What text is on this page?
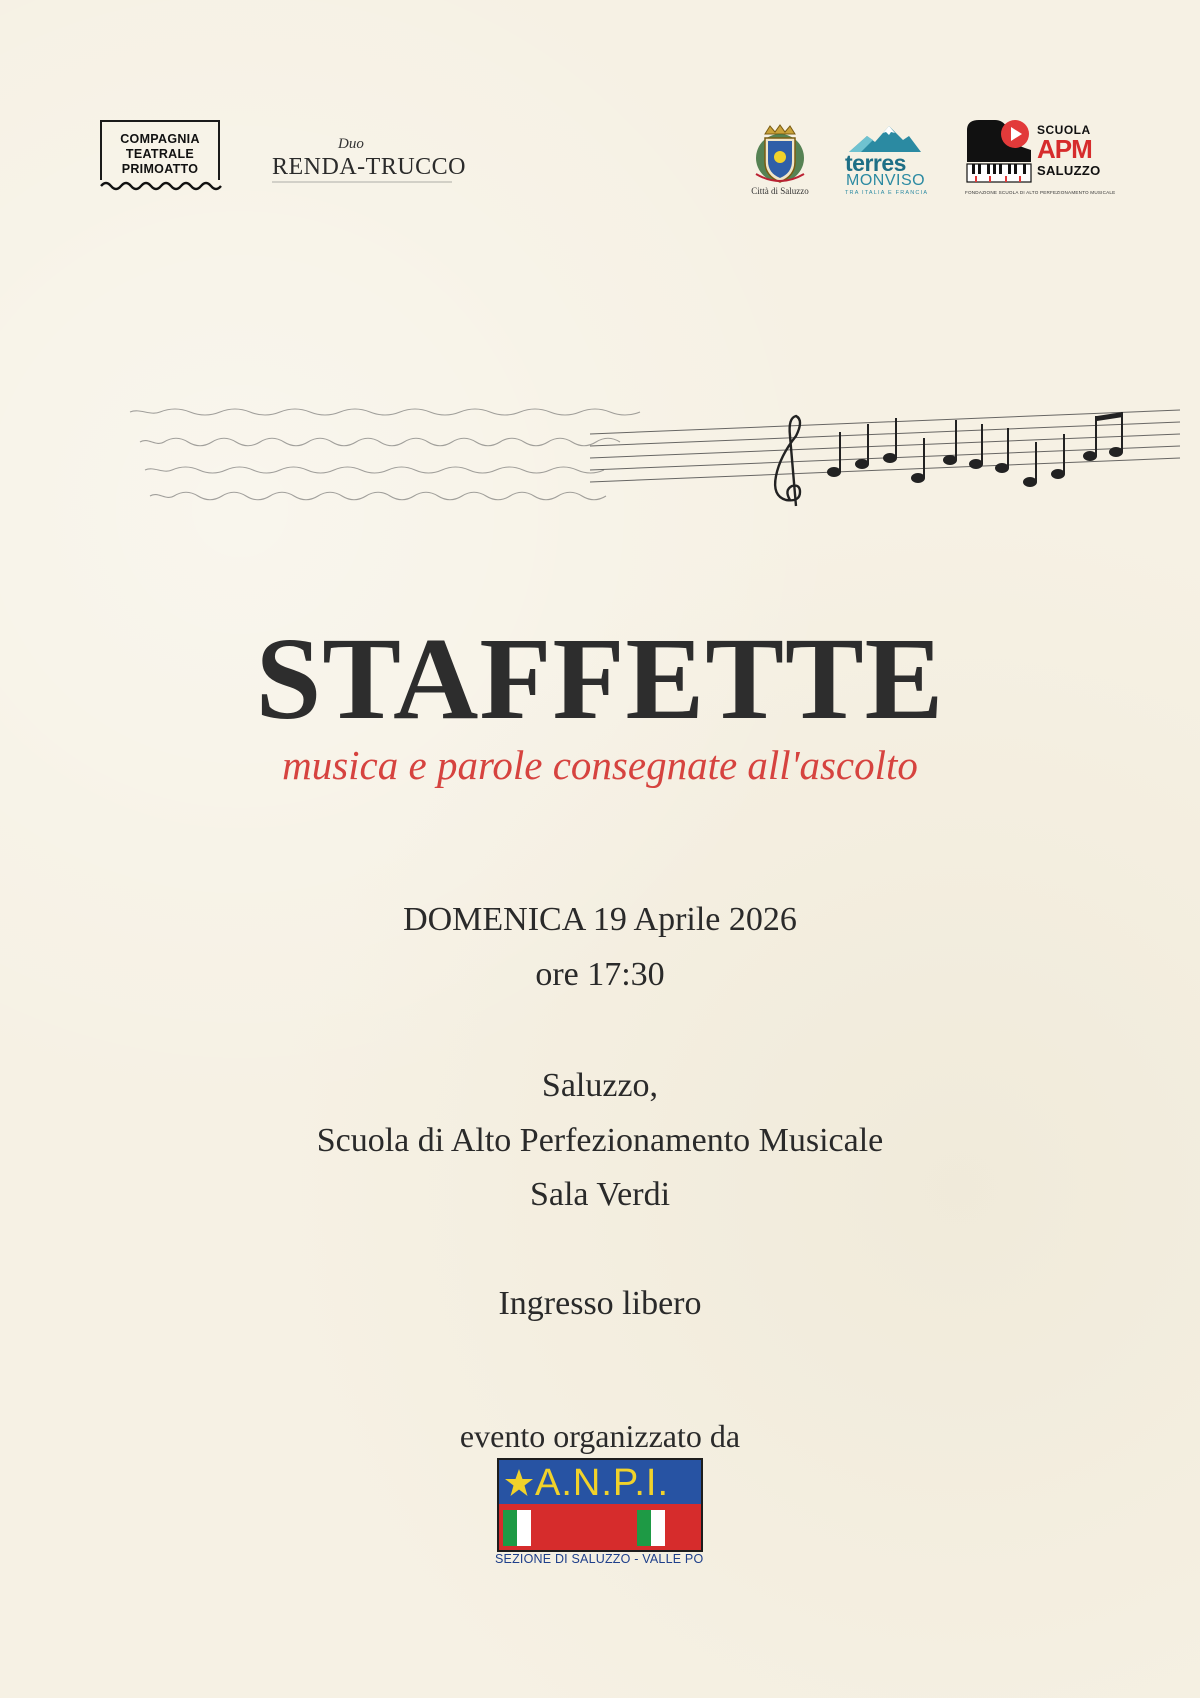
COMPAGNIA
TEATRALE
PRIMOATTO
Duo
RENDA-TRUCCO
Città di Saluzzo
terres
MONVISO
TRA ITALIA E FRANCIA
SCUOLA
APM
SALUZZO
FONDAZIONE SCUOLA DI ALTO PERFEZIONAMENTO MUSICALE
STAFFETTE
musica e parole consegnate all'ascolto
DOMENICA 19 Aprile 2026
ore 17:30
Saluzzo,
Scuola di Alto Perfezionamento Musicale
Sala Verdi
Ingresso libero
evento organizzato da
A.N.P.I.
SEZIONE DI SALUZZO - VALLE PO
